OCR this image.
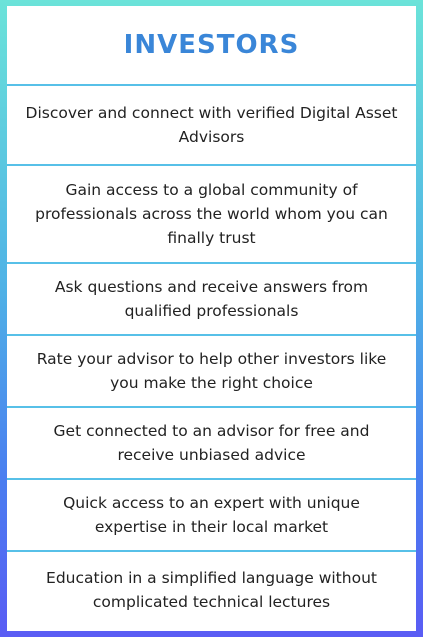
INVESTORS
Discover and connect with verified Digital Asset Advisors
Gain access to a global community of professionals across the world whom you can finally trust
Ask questions and receive answers from qualified professionals
Rate your advisor to help other investors like you make the right choice
Get connected to an advisor for free and receive unbiased advice
Quick access to an expert with unique expertise in their local market
Education in a simplified language without complicated technical lectures
